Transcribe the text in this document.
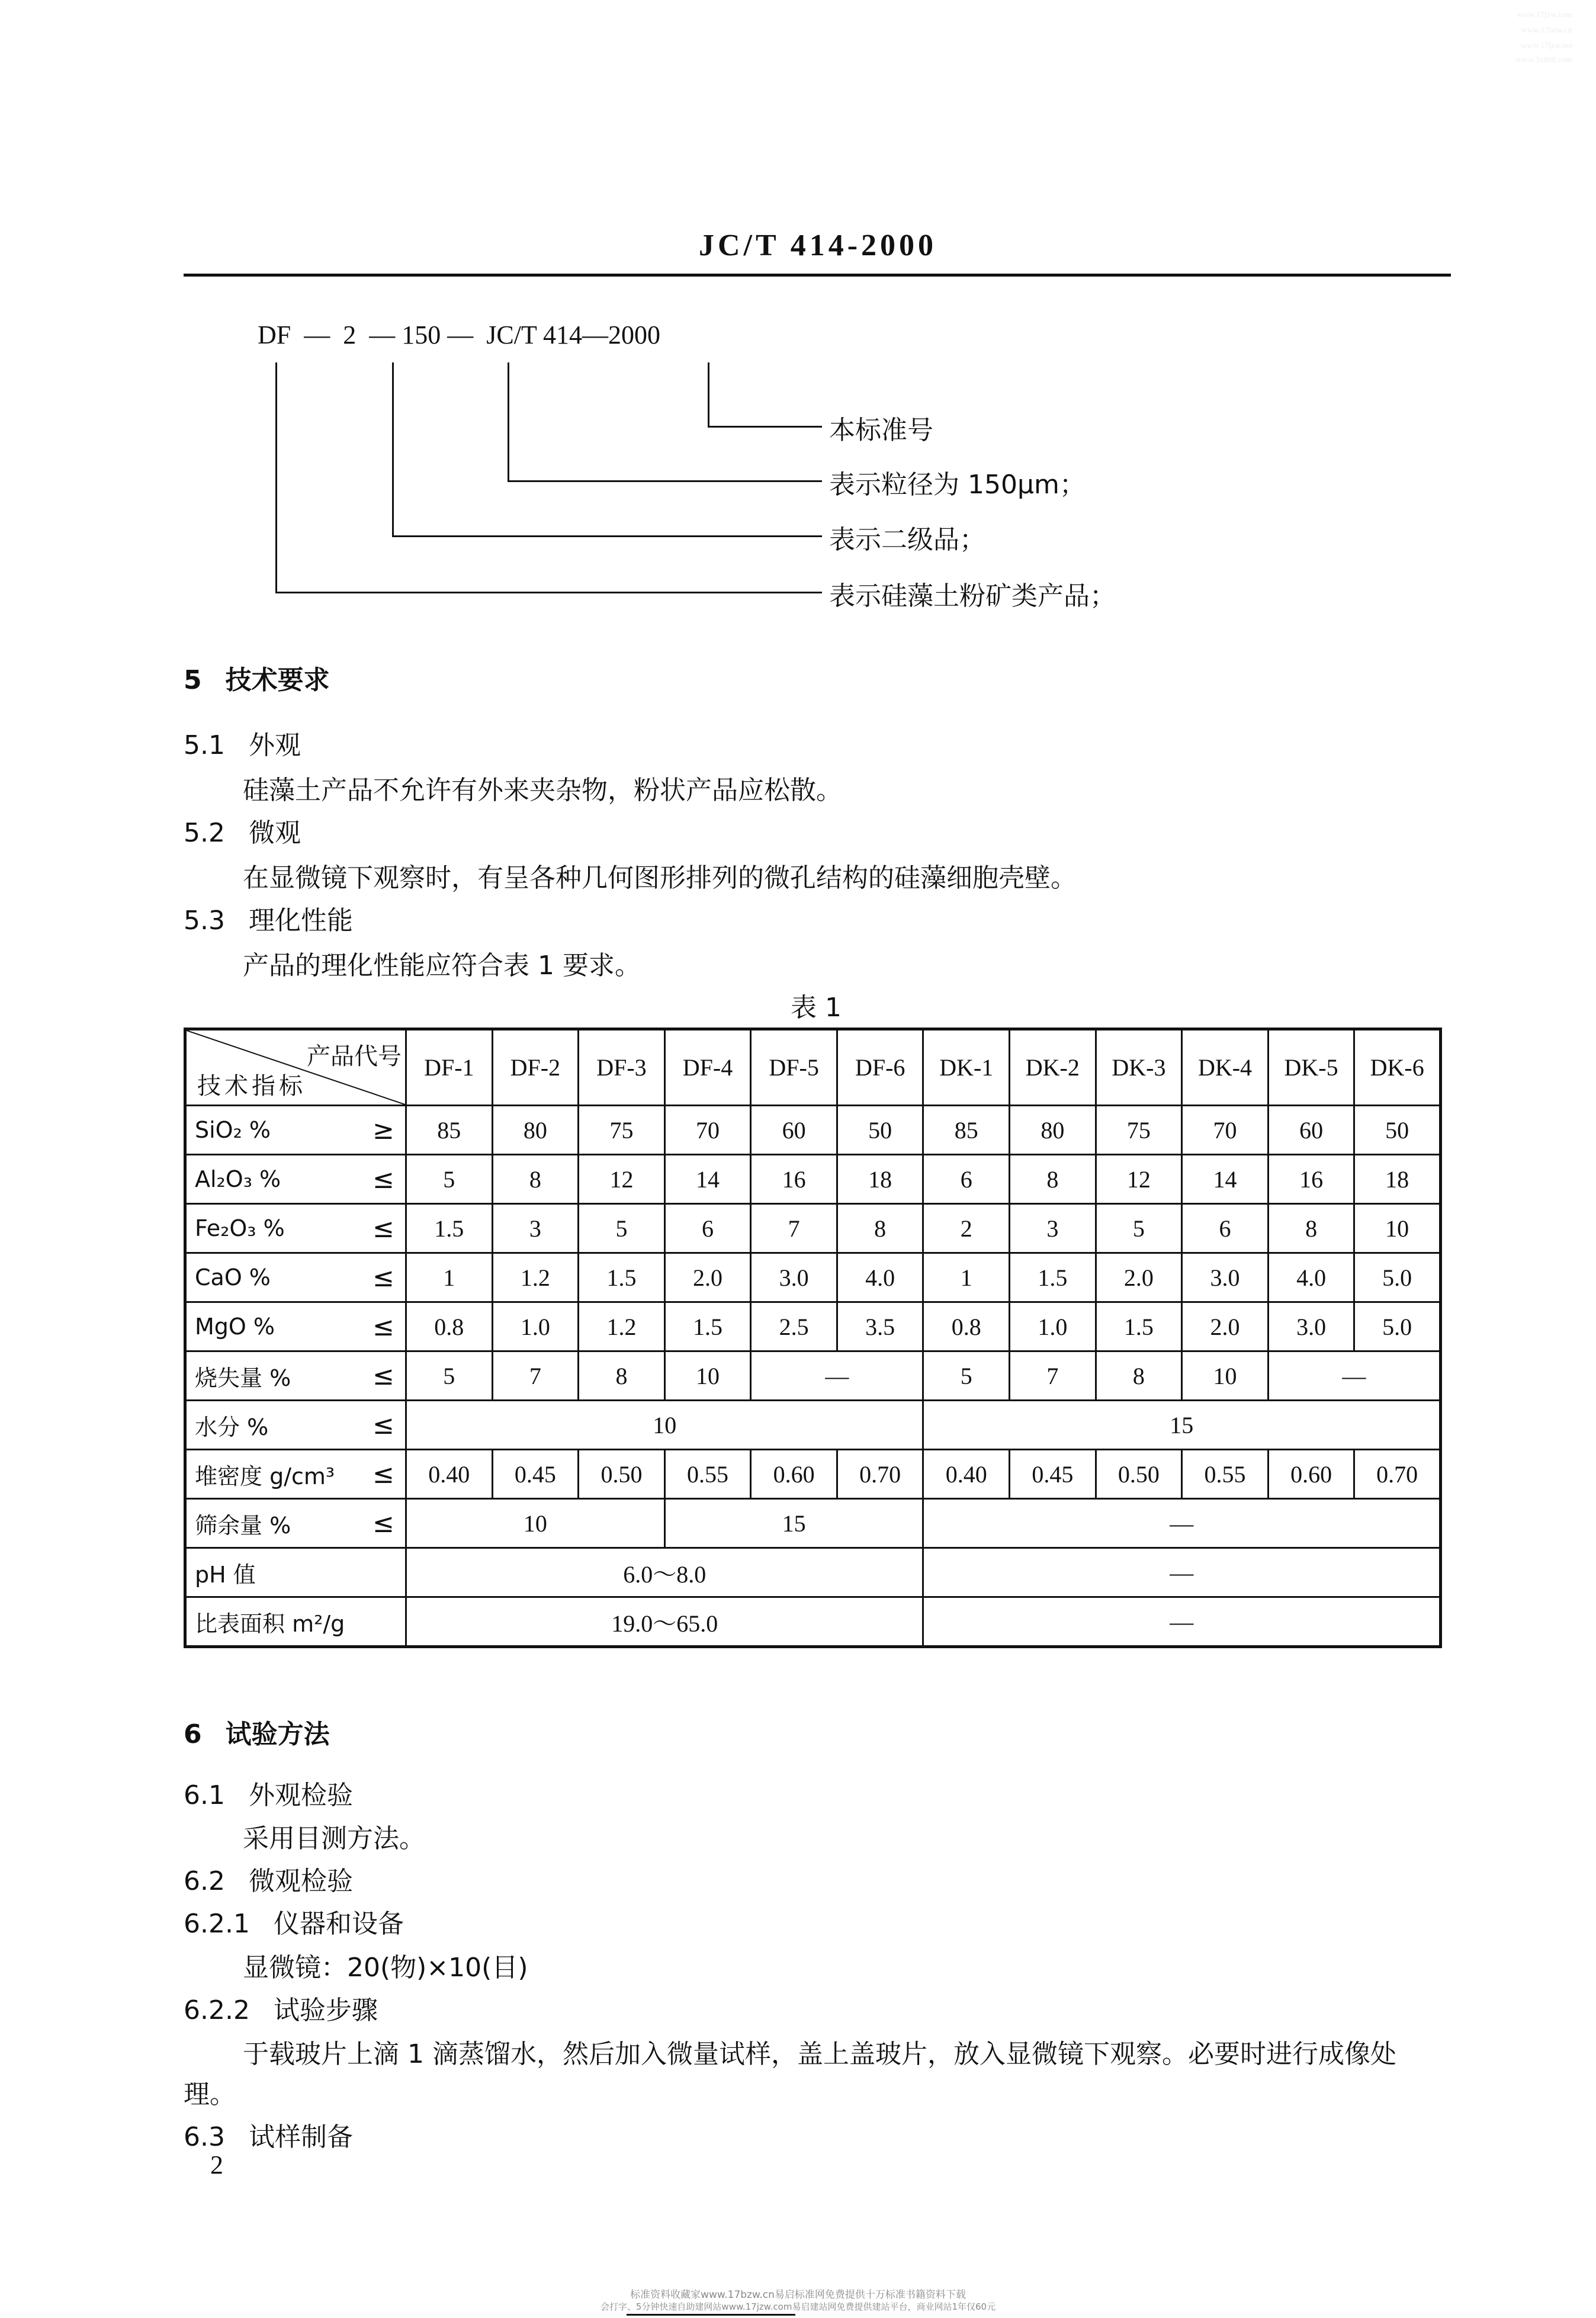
www.17jzw.com
www.17bzw.cn
www.17jzw.net
www.3x888.com
JC/T 414-2000
DF  —  2  — 150 —  JC/T 414—2000
本标准号
表示粒径为 150μm；
表示二级品；
表示硅藻土粉矿类产品；
5 技术要求
5.1 外观
硅藻土产品不允许有外来夹杂物，粉状产品应松散。
5.2 微观
在显微镜下观察时，有呈各种几何图形排列的微孔结构的硅藻细胞壳壁。
5.3 理化性能
产品的理化性能应符合表 1 要求。
表 1
产品代号
技术指标	DF-1	DF-2	DF-3	DF-4	DF-5	DF-6	DK-1	DK-2	DK-3	DK-4	DK-5	DK-6

SiO₂ % ≥	85	80	75	70	60	50	85	80	75	70	60	50

Al₂O₃ % ≤	5	8	12	14	16	18	6	8	12	14	16	18

Fe₂O₃ % ≤	1.5	3	5	6	7	8	2	3	5	6	8	10

CaO % ≤	1	1.2	1.5	2.0	3.0	4.0	1	1.5	2.0	3.0	4.0	5.0

MgO % ≤	0.8	1.0	1.2	1.5	2.5	3.5	0.8	1.0	1.5	2.0	3.0	5.0

烧失量 % ≤	5	7	8	10	—		5	7	8	10	—	

水分 % ≤	10						15					

堆密度 g/cm³ ≤	0.40	0.45	0.50	0.55	0.60	0.70	0.40	0.45	0.50	0.55	0.60	0.70

筛余量 % ≤	10			15			—					

pH 值	6.0～8.0						—					

比表面积 m²/g	19.0～65.0						—					
6 试验方法
6.1 外观检验
采用目测方法。
6.2 微观检验
6.2.1 仪器和设备
显微镜：20(物)×10(目)
6.2.2 试验步骤
于载玻片上滴 1 滴蒸馏水，然后加入微量试样，盖上盖玻片，放入显微镜下观察。必要时进行成像处
理。
6.3 试样制备
2
标准资料收藏家www.17bzw.cn易启标准网免费提供十万标准书籍资料下载
会打字、5分钟快速自助建网站www.17jzw.com易启建站网免费提供建站平台，商业网站1年仅60元
